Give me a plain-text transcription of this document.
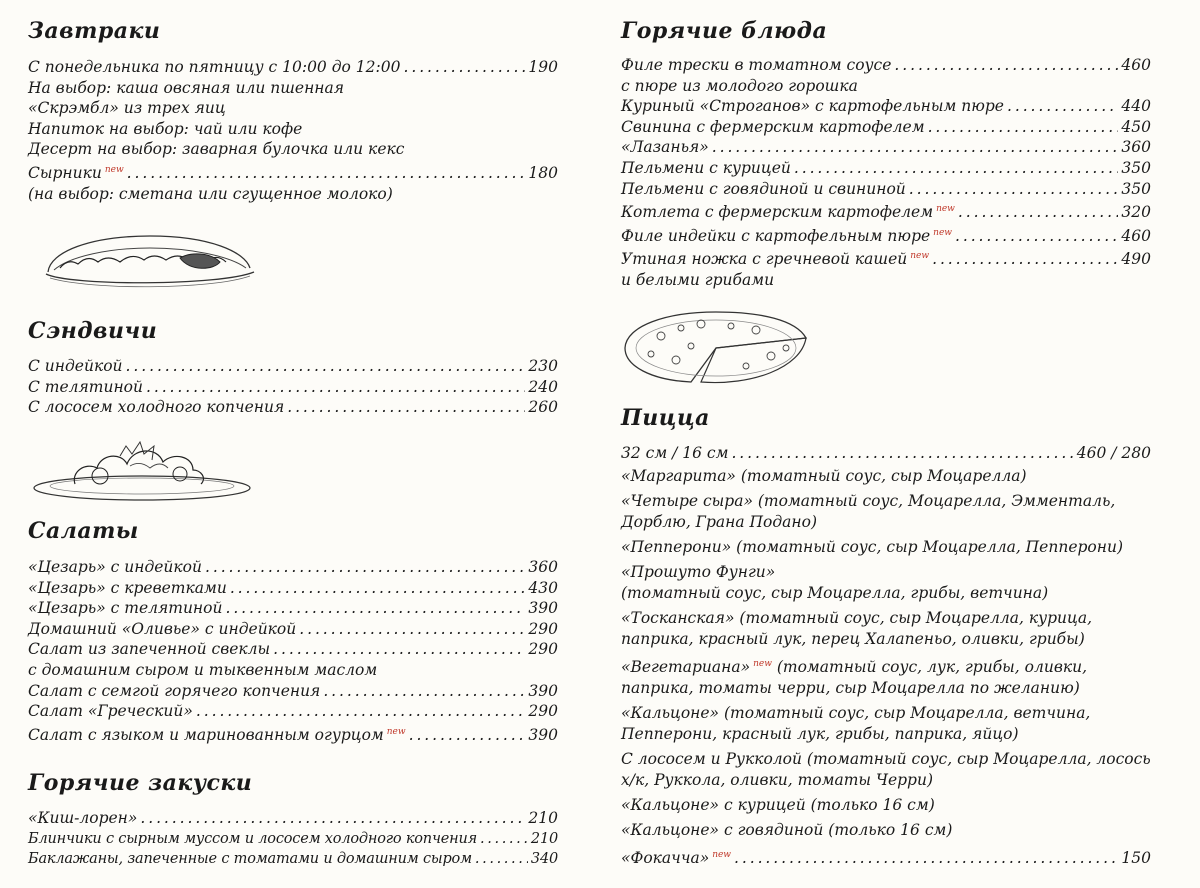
Завтраки
С понедельника по пятницу с 10:00 до 12:00 . . .	190
На выбор: каша овсяная или пшенная
«Скрэмбл» из трех яиц
Напиток на выбор: чай или кофе
Десерт на выбор: заварная булочка или кекс
Сырники $^{new}$ . . .	180
(на выбор: сметана или сгущенное молоко)
Сэндвичи
С индейкой . . .	230
С телятиной . . .	240
С лососем холодного копчения . . .	260
Салаты
«Цезарь» с индейкой . . .	360
«Цезарь» с креветками . . .	430
«Цезарь» с телятиной . . .	390
Домашний «Оливье» с индейкой . . .	290
Салат из запеченной свеклы . . .	290
с домашним сыром и тыквенным маслом
Салат с семгой горячего копчения . . .	390
Салат «Греческий» . . .	290
Салат с языком и маринованным огурцом $^{new}$ . . .	390
Горячие закуски
«Киш-лорен» . . .	210
Блинчики с сырным муссом и лососем холодного копчения . . .	210
Баклажаны, запеченные с томатами и домашним сыром . . .	340
Горячие блюда
Филе трески в томатном соусе . . .	460
с пюре из молодого горошка
Куриный «Строганов» с картофельным пюре . . .	440
Свинина с фермерским картофелем . . .	450
«Лазанья» . . .	360
Пельмени с курицей . . .	350
Пельмени с говядиной и свининой . . .	350
Котлета с фермерским картофелем $^{new}$ . . .	320
Филе индейки с картофельным пюре $^{new}$ . . .	460
Утиная ножка с гречневой кашей $^{new}$ . . .	490
и белыми грибами
Пицца
32 см / 16 см . . .	460 / 280
«Маргарита» (томатный соус, сыр Моцарелла)
«Четыре сыра» (томатный соус, Моцарелла, Эмменталь, Дорблю, Грана Подано)
«Пепперони» (томатный соус, сыр Моцарелла, Пепперони)
«Прошуто Фунги»
(томатный соус, сыр Моцарелла, грибы, ветчина)
«Тосканская» (томатный соус, сыр Моцарелла, курица, паприка, красный лук, перец Халапеньо, оливки, грибы)
«Вегетариана» $^{new}$ (томатный соус, лук, грибы, оливки, паприка, томаты черри, сыр Моцарелла по желанию)
«Кальцоне» (томатный соус, сыр Моцарелла, ветчина, Пепперони, красный лук, грибы, паприка, яйцо)
С лососем и Рукколой (томатный соус, сыр Моцарелла, лосось х/к, Руккола, оливки, томаты Черри)
«Кальцоне» с курицей (только 16 см)
«Кальцоне» с говядиной (только 16 см)
«Фокачча» $^{new}$ . . .	150
